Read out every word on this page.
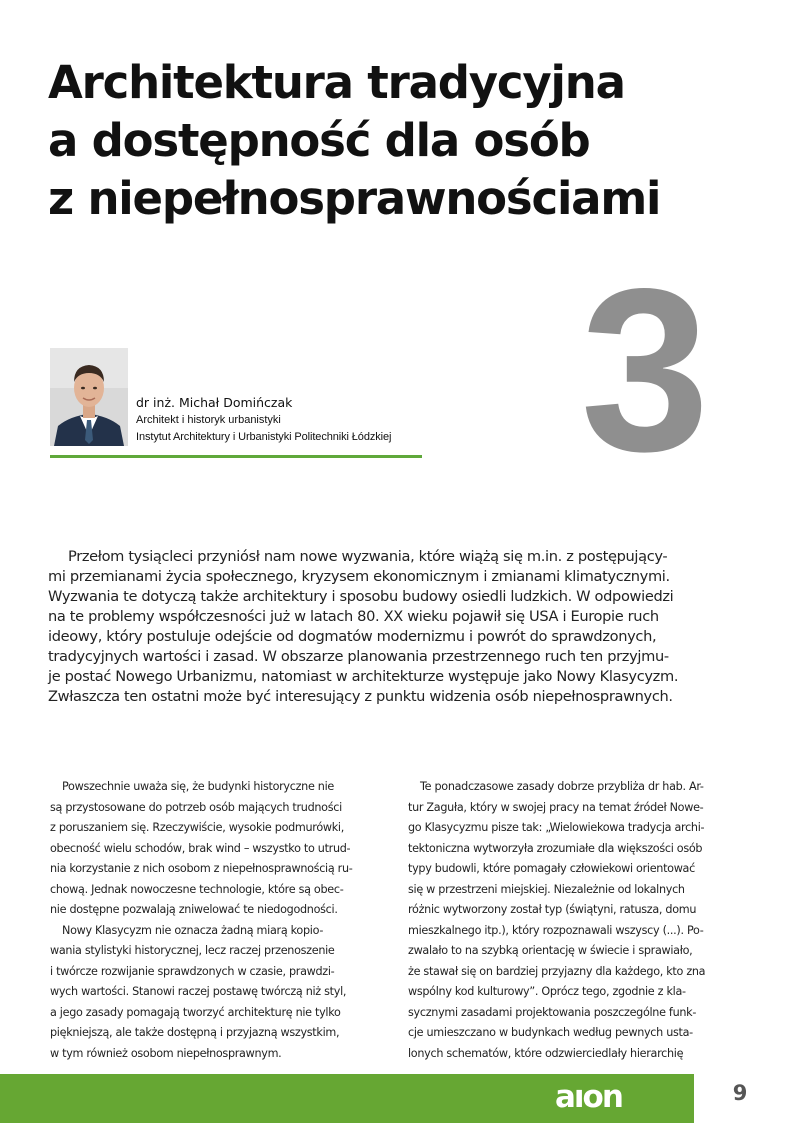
Architektura tradycyjna
a dostępność dla osób
z niepełnosprawnościami
3
dr inż. Michał Domińczak
Architekt i historyk urbanistyki
Instytut Architektury i Urbanistyki Politechniki Łódzkiej
Przełom tysiącleci przyniósł nam nowe wyzwania, które wiążą się m.in. z postępujący-
mi przemianami życia społecznego, kryzysem ekonomicznym i zmianami klimatycznymi.
Wyzwania te dotyczą także architektury i sposobu budowy osiedli ludzkich. W odpowiedzi
na te problemy współczesności już w latach 80. XX wieku pojawił się USA i Europie ruch
ideowy, który postuluje odejście od dogmatów modernizmu i powrót do sprawdzonych,
tradycyjnych wartości i zasad. W obszarze planowania przestrzennego ruch ten przyjmu-
je postać Nowego Urbanizmu, natomiast w architekturze występuje jako Nowy Klasycyzm.
Zwłaszcza ten ostatni może być interesujący z punktu widzenia osób niepełnosprawnych.
Powszechnie uważa się, że budynki historyczne nie
są przystosowane do potrzeb osób mających trudności
z poruszaniem się. Rzeczywiście, wysokie podmurówki,
obecność wielu schodów, brak wind – wszystko to utrud-
nia korzystanie z nich osobom z niepełnosprawnością ru-
chową. Jednak nowoczesne technologie, które są obec-
nie dostępne pozwalają zniwelować te niedogodności.
Nowy Klasycyzm nie oznacza żadną miarą kopio-
wania stylistyki historycznej, lecz raczej przenoszenie
i twórcze rozwijanie sprawdzonych w czasie, prawdzi-
wych wartości. Stanowi raczej postawę twórczą niż styl,
a jego zasady pomagają tworzyć architekturę nie tylko
piękniejszą, ale także dostępną i przyjazną wszystkim,
w tym również osobom niepełnosprawnym.
Te ponadczasowe zasady dobrze przybliża dr hab. Ar-
tur Zaguła, który w swojej pracy na temat źródeł Nowe-
go Klasycyzmu pisze tak: „Wielowiekowa tradycja archi-
tektoniczna wytworzyła zrozumiałe dla większości osób
typy budowli, które pomagały człowiekowi orientować
się w przestrzeni miejskiej. Niezależnie od lokalnych
różnic wytworzony został typ (świątyni, ratusza, domu
mieszkalnego itp.), który rozpoznawali wszyscy (...). Po-
zwalało to na szybką orientację w świecie i sprawiało,
że stawał się on bardziej przyjazny dla każdego, kto zna
wspólny kod kulturowy”. Oprócz tego, zgodnie z kla-
sycznymi zasadami projektowania poszczególne funk-
cje umieszczano w budynkach według pewnych usta-
lonych schematów, które odzwierciedlały hierarchię
aıon	9
